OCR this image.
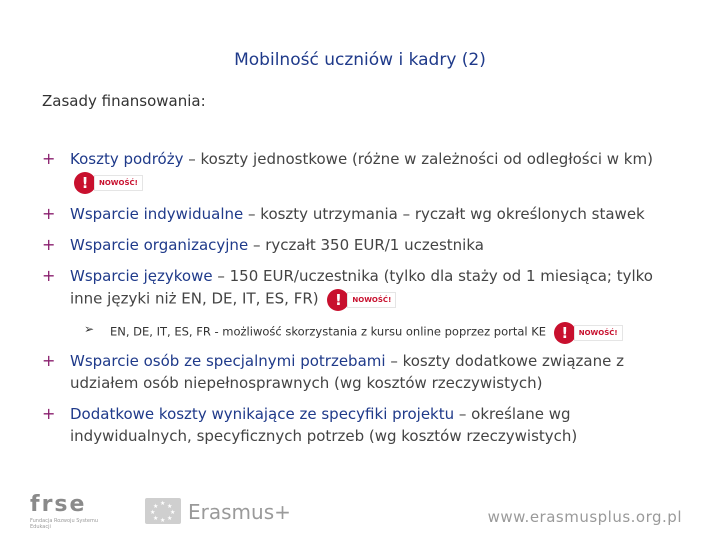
Mobilność uczniów i kadry (2)
Zasady finansowania:
+ Koszty podróży – koszty jednostkowe (różne w zależności od odległości w km)
!	NOWOŚĆ!
+ Wsparcie indywidualne – koszty utrzymania – ryczałt wg określonych stawek
+ Wsparcie organizacyjne – ryczałt 350 EUR/1 uczestnika
+ Wsparcie językowe – 150 EUR/uczestnika (tylko dla staży od 1 miesiąca; tylko inne języki niż EN, DE, IT, ES, FR)	!	NOWOŚĆ!
➢ EN, DE, IT, ES, FR - możliwość skorzystania z kursu online poprzez portal KE	!	NOWOŚĆ!
+ Wsparcie osób ze specjalnymi potrzebami – koszty dodatkowe związane z udziałem osób niepełnosprawnych (wg kosztów rzeczywistych)
+ Dodatkowe koszty wynikające ze specyfiki projektu – określane wg indywidualnych, specyficznych potrzeb (wg kosztów rzeczywistych)
frse
Fundacja Rozwoju Systemu Edukacji
★ ★
★
★
★
★
★
★ Erasmus+	www.erasmusplus.org.pl
